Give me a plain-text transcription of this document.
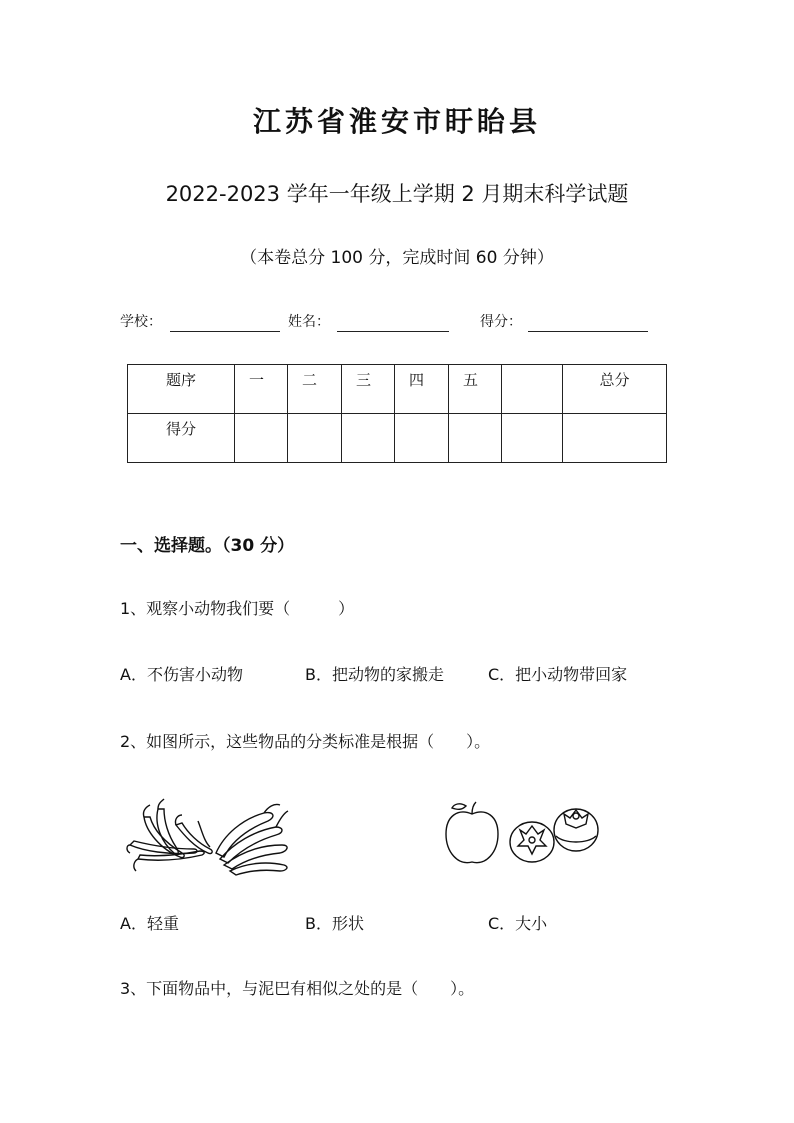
江苏省淮安市盱眙县
2022-2023 学年一年级上学期 2 月期末科学试题
（本卷总分 100 分，完成时间 60 分钟）
学校：	姓名：	得分：
题序	一	二	三	四	五		总分
得分							
一、选择题。（30 分）
1、观察小动物我们要（　　　）
A．不伤害小动物	B．把动物的家搬走	C．把小动物带回家
2、如图所示，这些物品的分类标准是根据（　　）。
A．轻重	B．形状	C．大小
3、下面物品中，与泥巴有相似之处的是（　　）。
